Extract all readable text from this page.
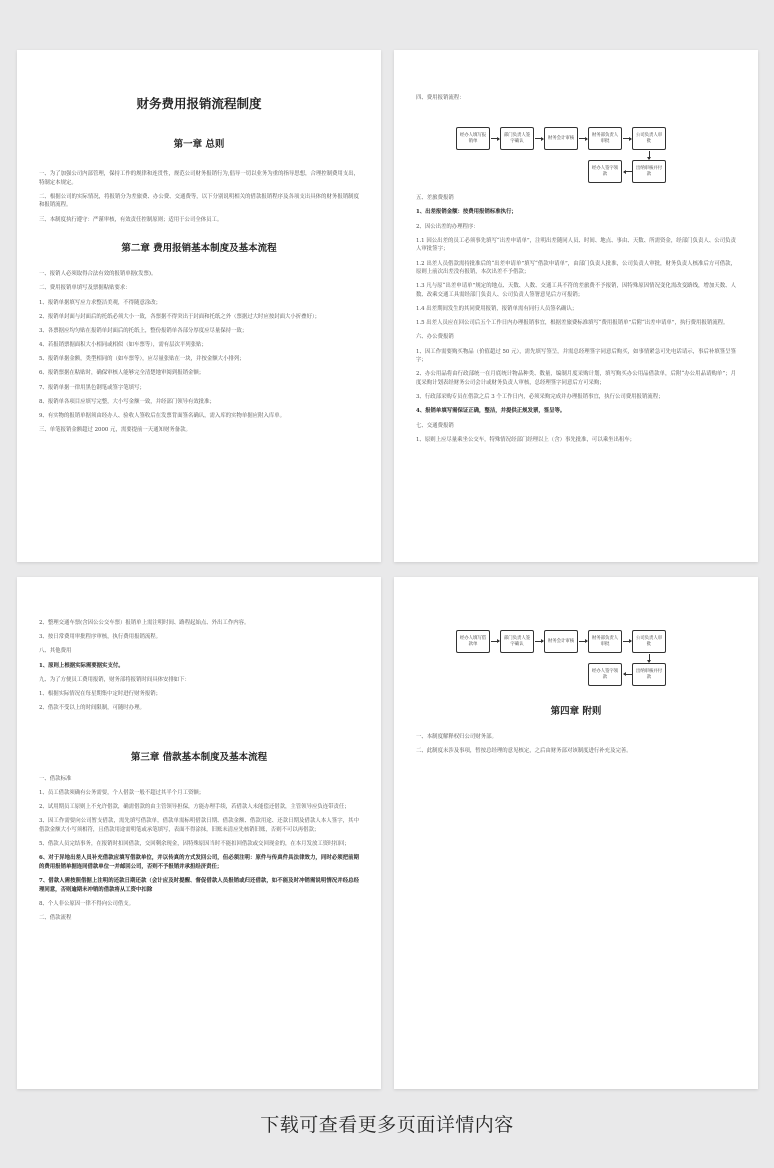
财务费用报销流程制度
第一章 总则

一、为了加强公司内部管理，保持工作的规律和连贯性，规范公司财务报销行为,倡导一切以业务为重的指导思想，合理控制费用支出，特制定本规定。

二、根据公司的实际情况，将报销分为差旅费、办公费、交通费等，以下分别说明相关的借款报销程序及各项支出具体的财务报销制度和报销流程。

三、本制度执行遵守：严谨审核，有效责任控制原则；适用于公司全体员工。

第二章 费用报销基本制度及基本流程

一、报销人必须取得合法有效的报销单据(发票)。

二、费用报销单填写及票据粘贴要求：

1、报销单据填写应力求整洁美观，不得随意涂改；

2、报销单封面与封面后的托纸必须大小一致，各票据不得突出于封面和托纸之外（票据过大时应按封面大小折叠好）；

3、各票据应均匀贴在报销单封面后的托纸上，整份报销单各部分厚度应尽量保持一致；

4、若报销票据面积大小相同或相似（如车票等），需有层次平列张贴；

5、报销单据金额，类型相同的（如车票等），应尽量张贴在一块，并按金额大小排列；

6、报销票据在粘贴时，确保审核人能够完全清楚地审阅到报销金额；

7、报销单据一律用黑色钢笔或签字笔填写；

8、报销单各项目应填写完整，大小写金额一致，并经部门领导有效批准；

9、有实物的报销单据须由经办人、验收人签收后在发票背面签名确认，需入库的实物单据应附入库单。

三、单笔报销金额超过 2000 元，需要提前一天通知财务备款。

四、费用报销流程：

经办人填写报销单
部门负责人签字确认
财务会计审核
财务部负责人审批
公司负责人审批
出纳审核并付款
经办人签字领款

五、差旅费报销

1、出差报销金额：按费用报销标准执行；

2、因公出差的办理程序：

1.1 因公出差的员工必须事先填写“出差申请单”，注明出差随同人员、时间、地点、事由、天数、所需资金，经部门负责人、公司负责人审批签字；

1.2 出差人员借款需持批准后的“出差申请单”填写“借款申请单”，由部门负责人批准，公司负责人审批，财务负责人核准后方可借款，原则上前次出差没有报销，本次出差不予借款；

1.3 凡与原“出差申请单”规定的地点、天数、人数、交通工具不符的差旅费不予报销，因特殊原因情况变化需改变路线，增加天数、人数、改乘交通工具需经部门负责人、公司负责人签署意见后方可报销；

1.4 出差期间发生的其同费用报销，报销单需有同行人员签名确认；

1.5 出差人员应在回公司后五个工作日内办理报销事宜，根据差旅费标准填写“费用报销单”后附“出差申请单”，执行费用报销流程。

六、办公费报销

1、因工作需要购买物品（价值超过 50 元），需先填写签呈，并需总经理签字同意后购买，如事情紧急可先电话请示，事后补填签呈签字；

2、办公用品将由行政部统一在月底统计物品种类、数量，编制月度采购计划，填写购买办公用品借款单，后附“办公用品请购单”；月度采购计划表经财务公司会计或财务负责人审核，总经理签字同意后方可采购；

3、行政部采购专员在借款之后 3 个工作日内，必须采购完成并办理报销事宜，执行公司费用报销流程；

4、报销单填写需保证正确，整洁，并提供正规发票，签呈等。

七、交通费报销

1、原则上应尽量乘坐公交车，特殊情况经部门经理以上（含）事先批准，可以乘坐出租车；

2、整理交通车票(含因公公交车票）报销单上需注明时间、路程起始点、外出工作内容。

3、按日常费用审批程序审核，执行费用报销流程。

八、其他费用

1、原则上根据实际需要据实支付。

九、为了方便员工费用报销，财务部将报销时间具体安排如下：

1、根据实际情况在每星期集中定时进行财务报销；

2、借款不受以上的时间限制，可随时办理。

第三章 借款基本制度及基本流程

一、借款标准

1、员工借款须确有公务需要，个人借款一般不超过其半个月工资额；

2、试用期员工原则上不允许借款，确需借款的由主管领导担保，方能办理手续，若借款人未能偿还借款，主管领导应负连带责任；

3、因工作需要向公司暂支借款，需先填写借款单，借款单需标明借款日期、借款金额、借款用途、还款日期及借款人本人签字，其中借款金额大小写须相符，且借款用途需明笔或承笔填写，表面不得涂抹，旧账未清应先核销旧账，否则不可以再借款；

5、借款人员完结事务，在报销时扣回借款，交回剩余现金，因特殊原因当时不能扣回借款或交回现金的，在本月发放工资时扣回；

6、对于异地出差人员补充借款应填写借款单位，并以传真的方式发回公司，但必须注明：原件与传真件具法律效力，同时必须把前期的费用报销单据连同借款单位一并邮回公司，否则不予报销并承担经济责任；

7、借款人需按照借据上注明的还款日期还款（会计应及时提醒、督促借款人员报销或归还借款，如不能及时冲销需说明情况并经总经理同意，否则逾期未冲销的借款将从工资中扣除

8、个人非公原因一律不得向公司借支。

二、借款流程

经办人填写借款单
部门负责人签字确认
财务会计审核
财务部负责人审批
公司负责人审批
出纳审核并付款
经办人签字领款
第四章 附则

一、本制度解释权归公司财务部。

二、此制度未涉及事项，暂按总经理的意见核定，之后由财务部对该制度进行补充及完善。

下载可查看更多页面详情内容
